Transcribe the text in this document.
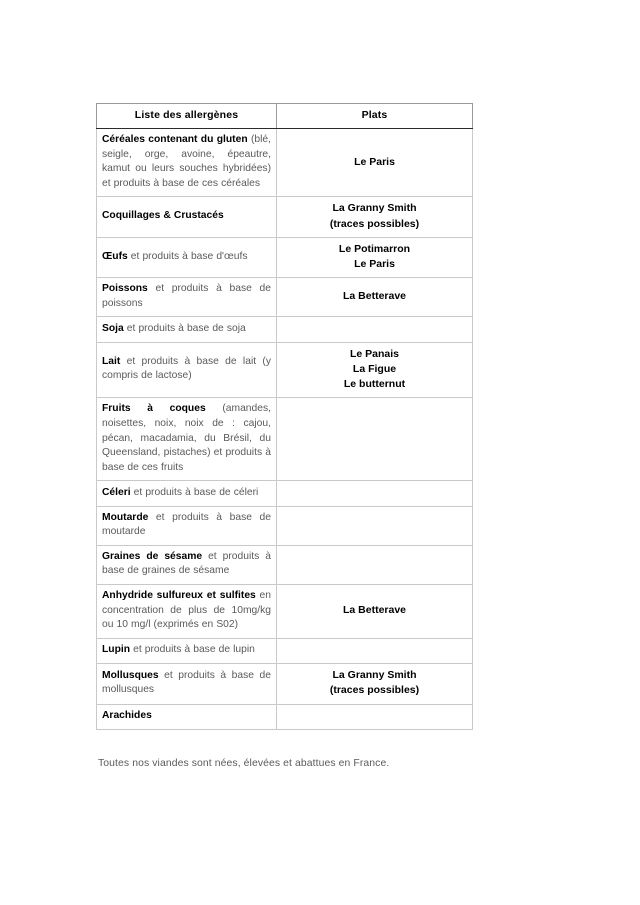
Liste des allergènes	Plats

Céréales contenant du gluten (blé, seigle, orge, avoine, épeautre, kamut ou leurs souches hybridées) et produits à base de ces céréales	Le Paris

Coquillages & Crustacés	La Granny Smith
(traces possibles)

Œufs et produits à base d'œufs	Le Potimarron
Le Paris

Poissons et produits à base de poissons	La Betterave

Soja et produits à base de soja	

Lait et produits à base de lait (y compris de lactose)	Le Panais
La Figue
Le butternut

Fruits à coques (amandes, noisettes, noix, noix de : cajou, pécan, macadamia, du Brésil, du Queensland, pistaches) et produits à base de ces fruits	

Céleri et produits à base de céleri	

Moutarde et produits à base de moutarde	

Graines de sésame et produits à base de graines de sésame	

Anhydride sulfureux et sulfites en concentration de plus de 10mg/kg ou 10 mg/l (exprimés en S02)	La Betterave

Lupin et produits à base de lupin	

Mollusques et produits à base de mollusques	La Granny Smith
(traces possibles)

Arachides	

Toutes nos viandes sont nées, élevées et abattues en France.
